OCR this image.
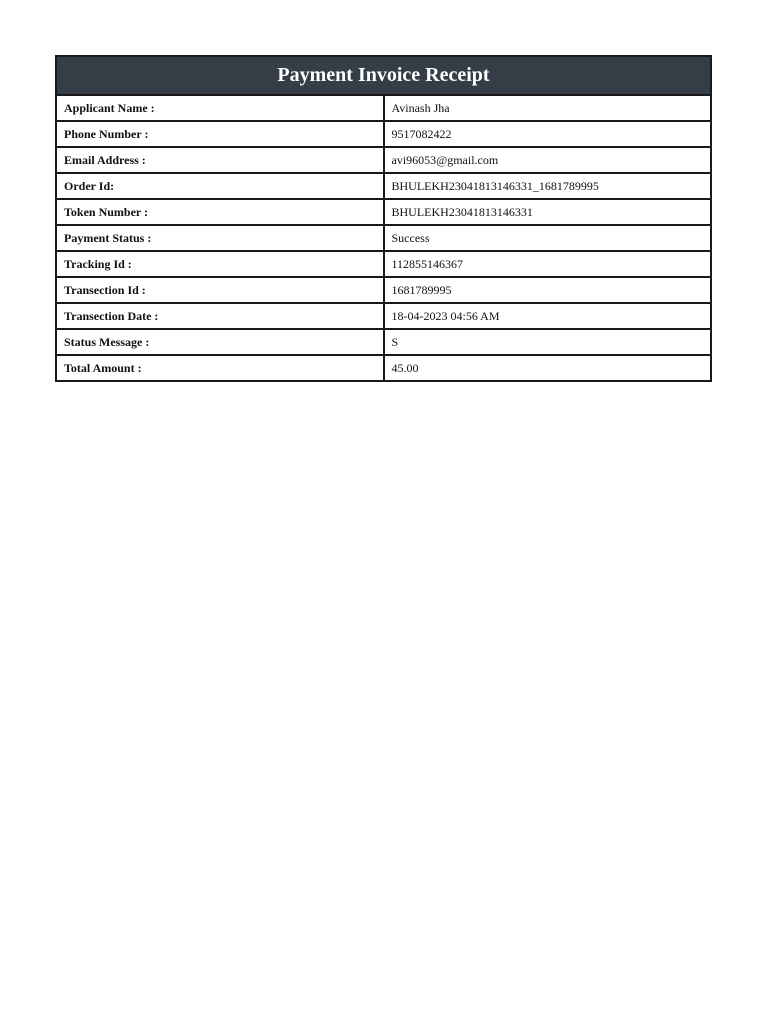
Payment Invoice Receipt	
Applicant Name :	Avinash Jha
Phone Number :	9517082422
Email Address :	avi96053@gmail.com
Order Id:	BHULEKH23041813146331_1681789995
Token Number :	BHULEKH23041813146331
Payment Status :	Success
Tracking Id :	112855146367
Transection Id :	1681789995
Transection Date :	18-04-2023 04:56 AM
Status Message :	S
Total Amount :	45.00
